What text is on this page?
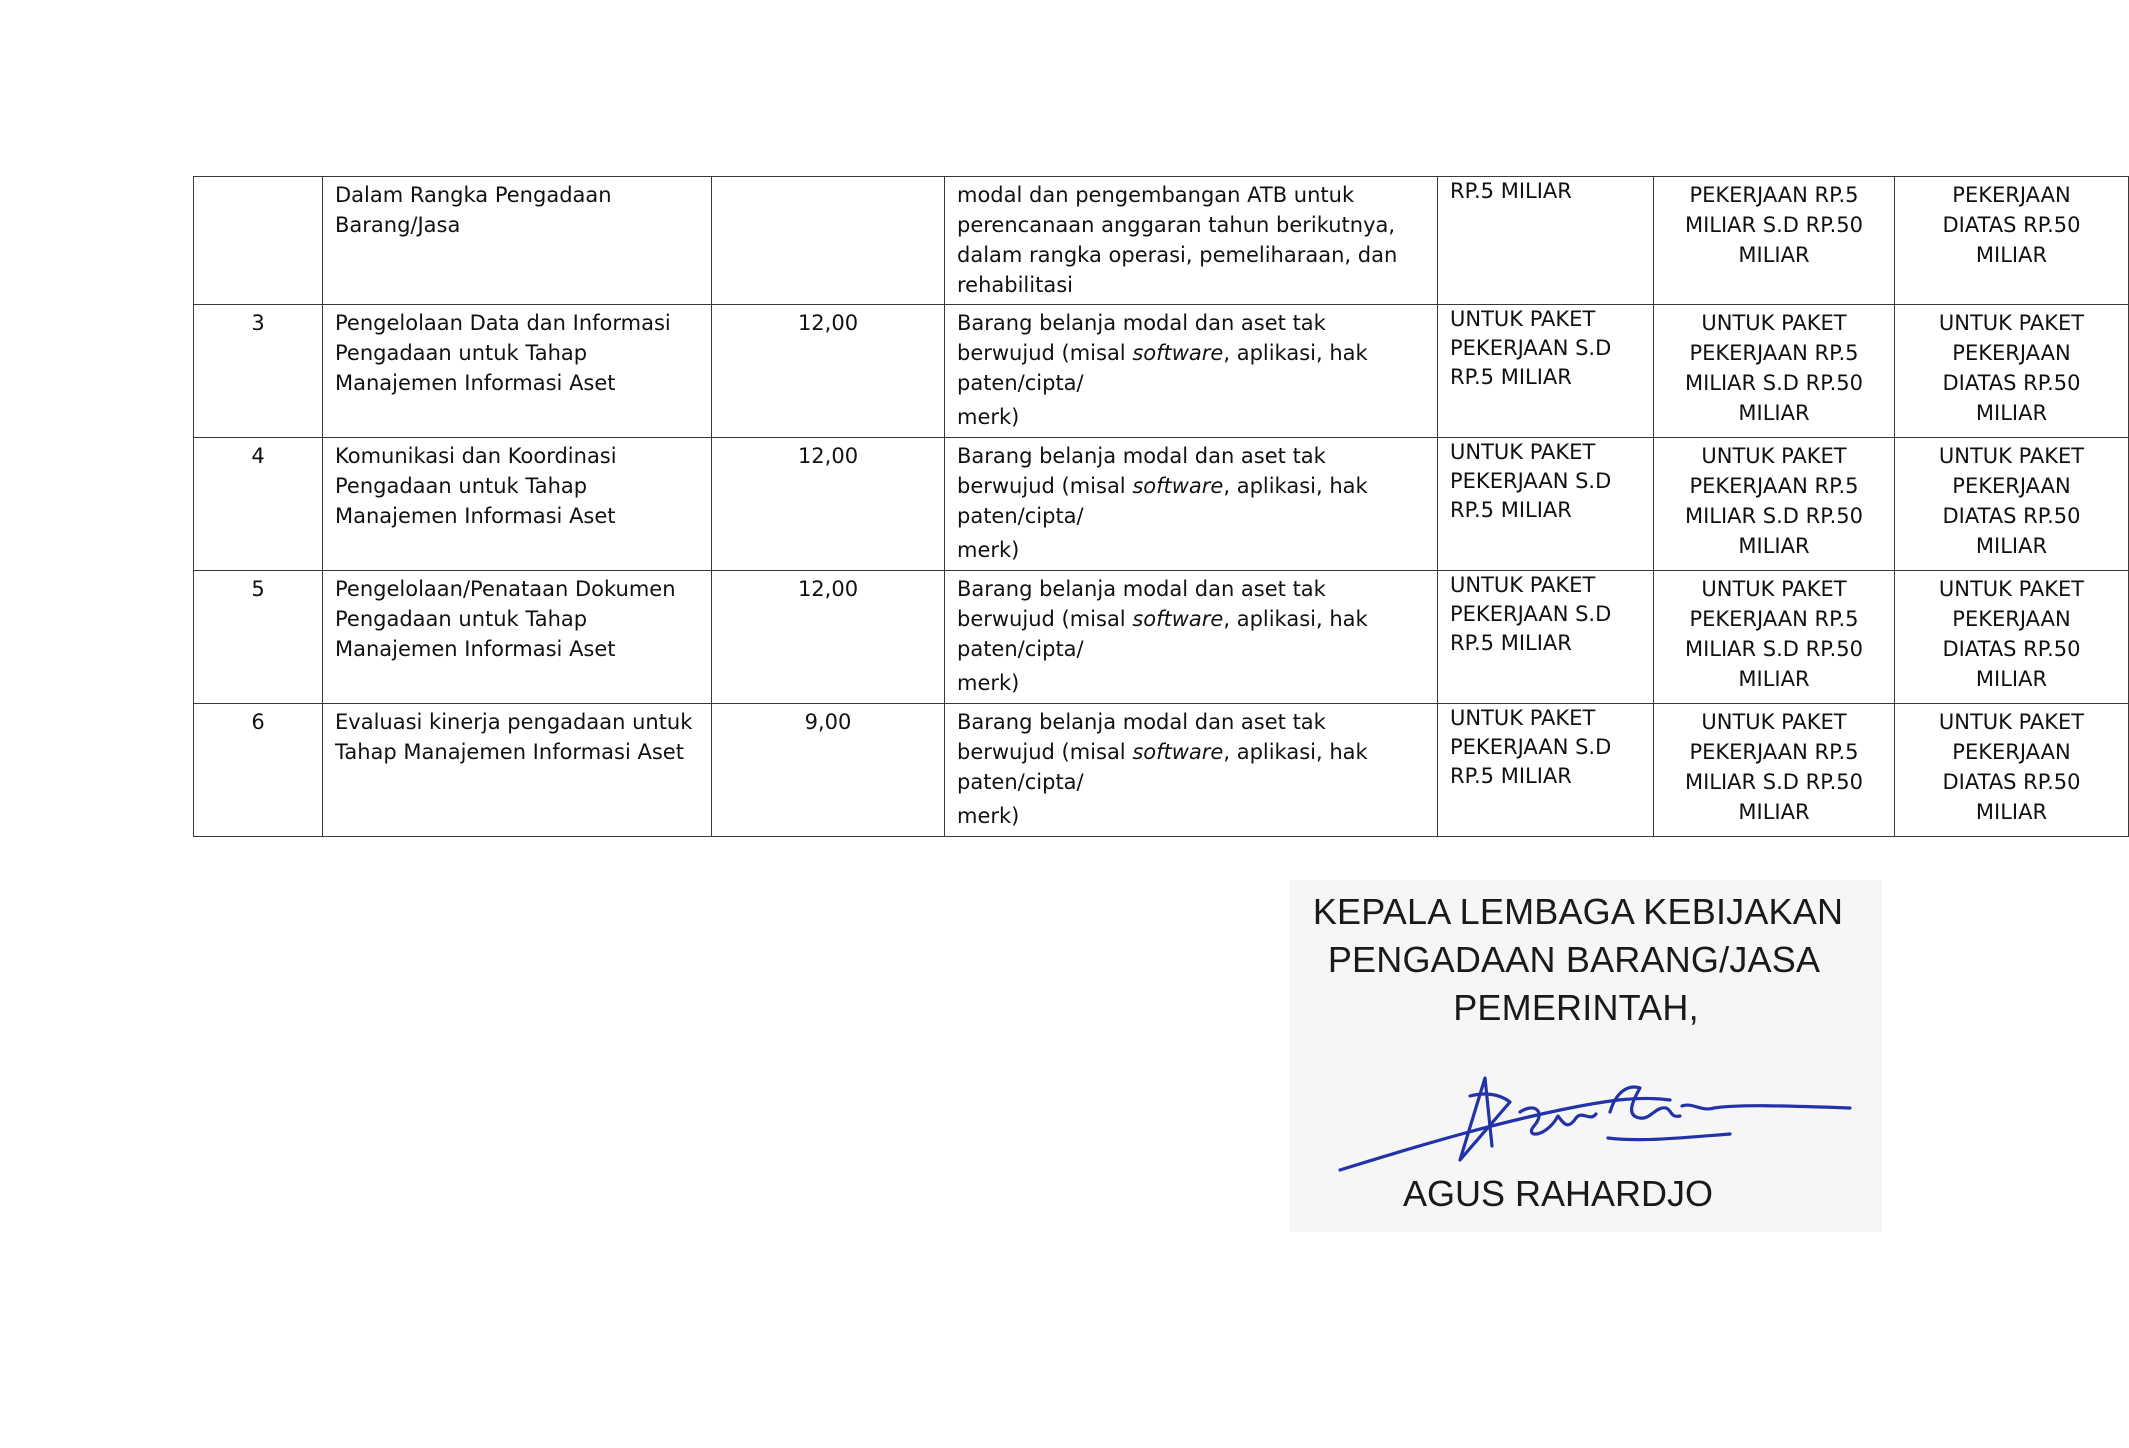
	Dalam Rangka Pengadaan
Barang/Jasa		modal dan pengembangan ATB untuk
perencanaan anggaran tahun berikutnya,
dalam rangka operasi, pemeliharaan, dan
rehabilitasi	RP.5 MILIAR	PEKERJAAN RP.5
MILIAR S.D RP.50
MILIAR	PEKERJAAN
DIATAS RP.50
MILIAR

3	Pengelolaan Data dan Informasi
Pengadaan untuk Tahap
Manajemen Informasi Aset	12,00	Barang belanja modal dan aset tak
berwujud (misal software, aplikasi, hak
paten/cipta/
merk)	UNTUK PAKET
PEKERJAAN S.D
RP.5 MILIAR	UNTUK PAKET
PEKERJAAN RP.5
MILIAR S.D RP.50
MILIAR	UNTUK PAKET
PEKERJAAN
DIATAS RP.50
MILIAR

4	Komunikasi dan Koordinasi
Pengadaan untuk Tahap
Manajemen Informasi Aset	12,00	Barang belanja modal dan aset tak
berwujud (misal software, aplikasi, hak
paten/cipta/
merk)	UNTUK PAKET
PEKERJAAN S.D
RP.5 MILIAR	UNTUK PAKET
PEKERJAAN RP.5
MILIAR S.D RP.50
MILIAR	UNTUK PAKET
PEKERJAAN
DIATAS RP.50
MILIAR

5	Pengelolaan/Penataan Dokumen
Pengadaan untuk Tahap
Manajemen Informasi Aset	12,00	Barang belanja modal dan aset tak
berwujud (misal software, aplikasi, hak
paten/cipta/
merk)	UNTUK PAKET
PEKERJAAN S.D
RP.5 MILIAR	UNTUK PAKET
PEKERJAAN RP.5
MILIAR S.D RP.50
MILIAR	UNTUK PAKET
PEKERJAAN
DIATAS RP.50
MILIAR

6	Evaluasi kinerja pengadaan untuk
Tahap Manajemen Informasi Aset	9,00	Barang belanja modal dan aset tak
berwujud (misal software, aplikasi, hak
paten/cipta/
merk)	UNTUK PAKET
PEKERJAAN S.D
RP.5 MILIAR	UNTUK PAKET
PEKERJAAN RP.5
MILIAR S.D RP.50
MILIAR	UNTUK PAKET
PEKERJAAN
DIATAS RP.50
MILIAR
KEPALA LEMBAGA KEBIJAKAN
PENGADAAN BARANG/JASA
PEMERINTAH,
AGUS RAHARDJO
